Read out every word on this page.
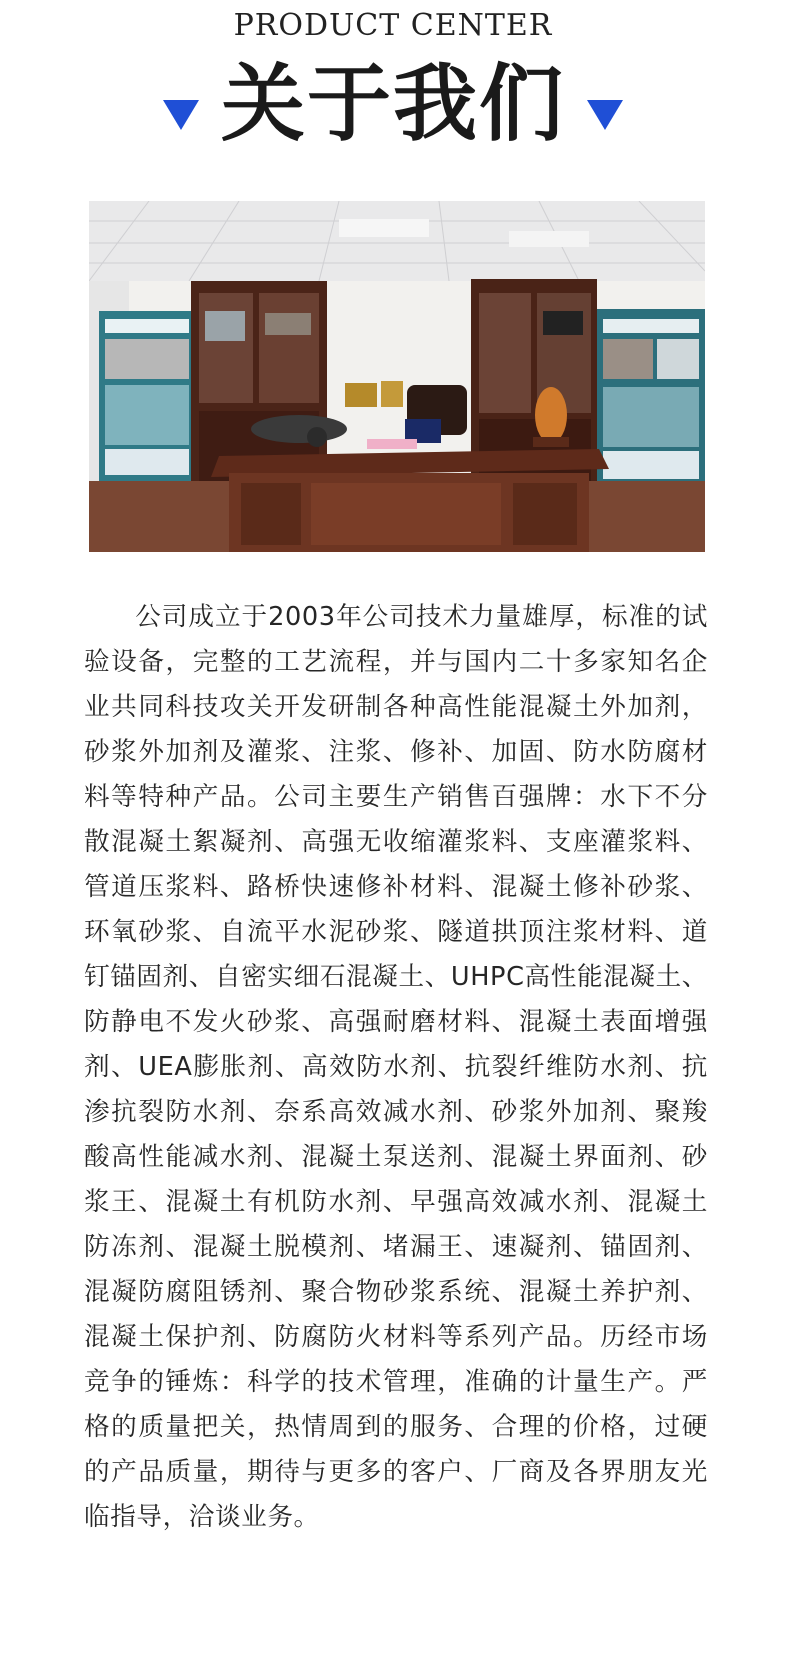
PRODUCT CENTER
关于我们

公司成立于2003年公司技术力量雄厚，标准的试验设备，完整的工艺流程，并与国内二十多家知名企业共同科技攻关开发研制各种高性能混凝土外加剂，砂浆外加剂及灌浆、注浆、修补、加固、防水防腐材料等特种产品。公司主要生产销售百强牌：水下不分散混凝土絮凝剂、高强无收缩灌浆料、支座灌浆料、管道压浆料、路桥快速修补材料、混凝土修补砂浆、环氧砂浆、自流平水泥砂浆、隧道拱顶注浆材料、道钉锚固剂、自密实细石混凝土、UHPC高性能混凝土、防静电不发火砂浆、高强耐磨材料、混凝土表面增强剂、UEA膨胀剂、高效防水剂、抗裂纤维防水剂、抗渗抗裂防水剂、奈系高效减水剂、砂浆外加剂、聚羧酸高性能减水剂、混凝土泵送剂、混凝土界面剂、砂浆王、混凝土有机防水剂、早强高效减水剂、混凝土防冻剂、混凝土脱模剂、堵漏王、速凝剂、锚固剂、混凝防腐阻锈剂、聚合物砂浆系统、混凝土养护剂、混凝土保护剂、防腐防火材料等系列产品。历经市场竞争的锤炼：科学的技术管理，准确的计量生产。严格的质量把关，热情周到的服务、合理的价格，过硬的产品质量，期待与更多的客户、厂商及各界朋友光临指导，洽谈业务。
